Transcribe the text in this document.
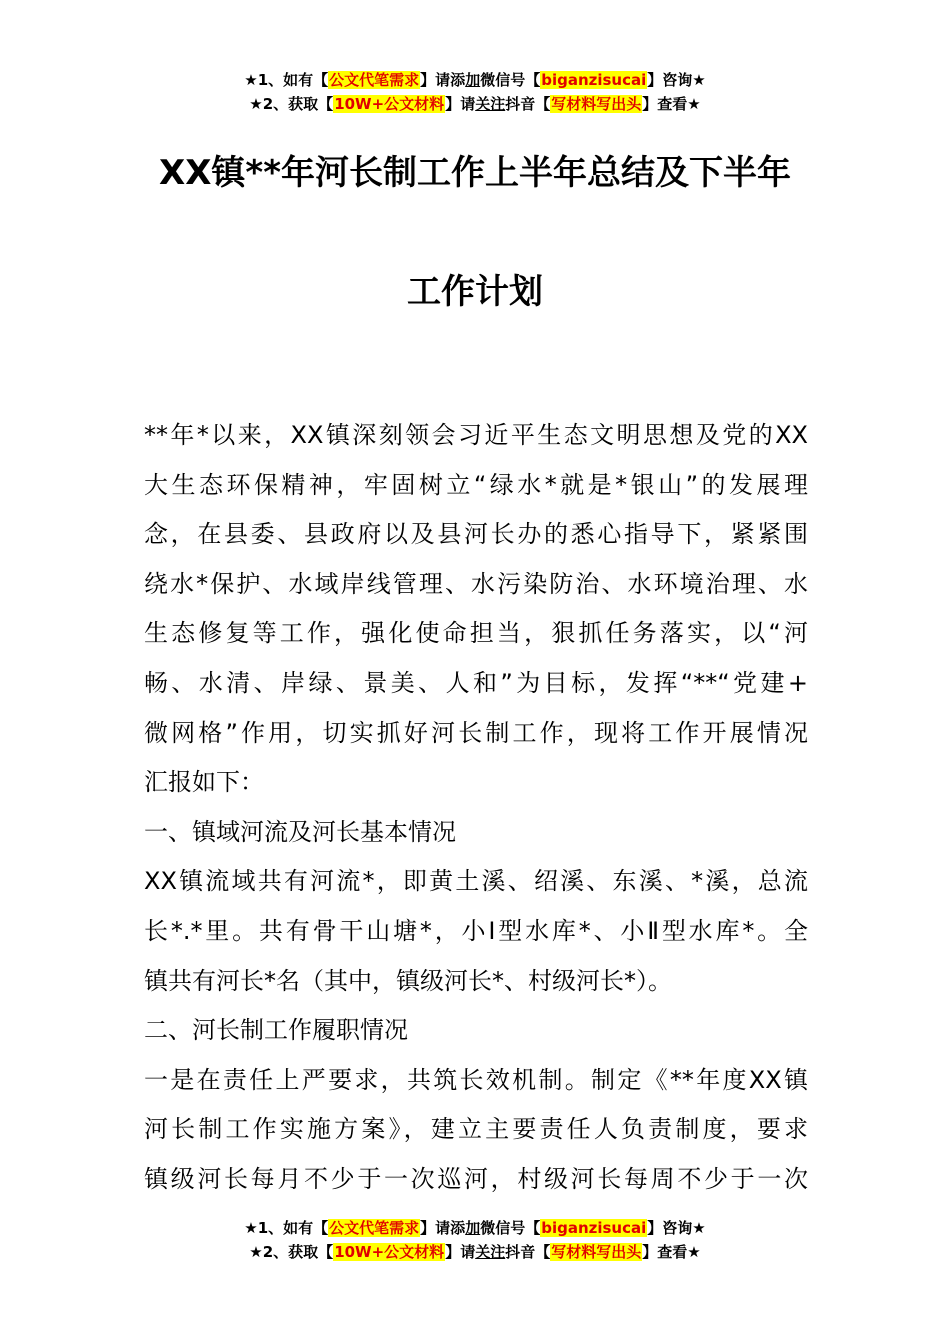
★1、如有【公文代笔需求】请添加微信号【biganzisucai】咨询★
★2、获取【10W+公文材料】请关注抖音【写材料写出头】查看★
XX镇**年河长制工作上半年总结及下半年
工作计划
**年*以来，XX镇深刻领会习近平生态文明思想及党的XX
大生态环保精神，牢固树立“绿水*就是*银山”的发展理
念，在县委、县政府以及县河长办的悉心指导下，紧紧围
绕水*保护、水域岸线管理、水污染防治、水环境治理、水
生态修复等工作，强化使命担当，狠抓任务落实，以“河
畅、水清、岸绿、景美、人和”为目标，发挥“**“党建+
微网格”作用，切实抓好河长制工作，现将工作开展情况
汇报如下：
一、镇域河流及河长基本情况
XX镇流域共有河流*，即黄土溪、绍溪、东溪、*溪，总流
长*.*里。共有骨干山塘*，小Ⅰ型水库*、小Ⅱ型水库*。全
镇共有河长*名（其中，镇级河长*、村级河长*）。
二、河长制工作履职情况
一是在责任上严要求，共筑长效机制。制定《**年度XX镇
河长制工作实施方案》，建立主要责任人负责制度，要求
镇级河长每月不少于一次巡河，村级河长每周不少于一次
★1、如有【公文代笔需求】请添加微信号【biganzisucai】咨询★
★2、获取【10W+公文材料】请关注抖音【写材料写出头】查看★
